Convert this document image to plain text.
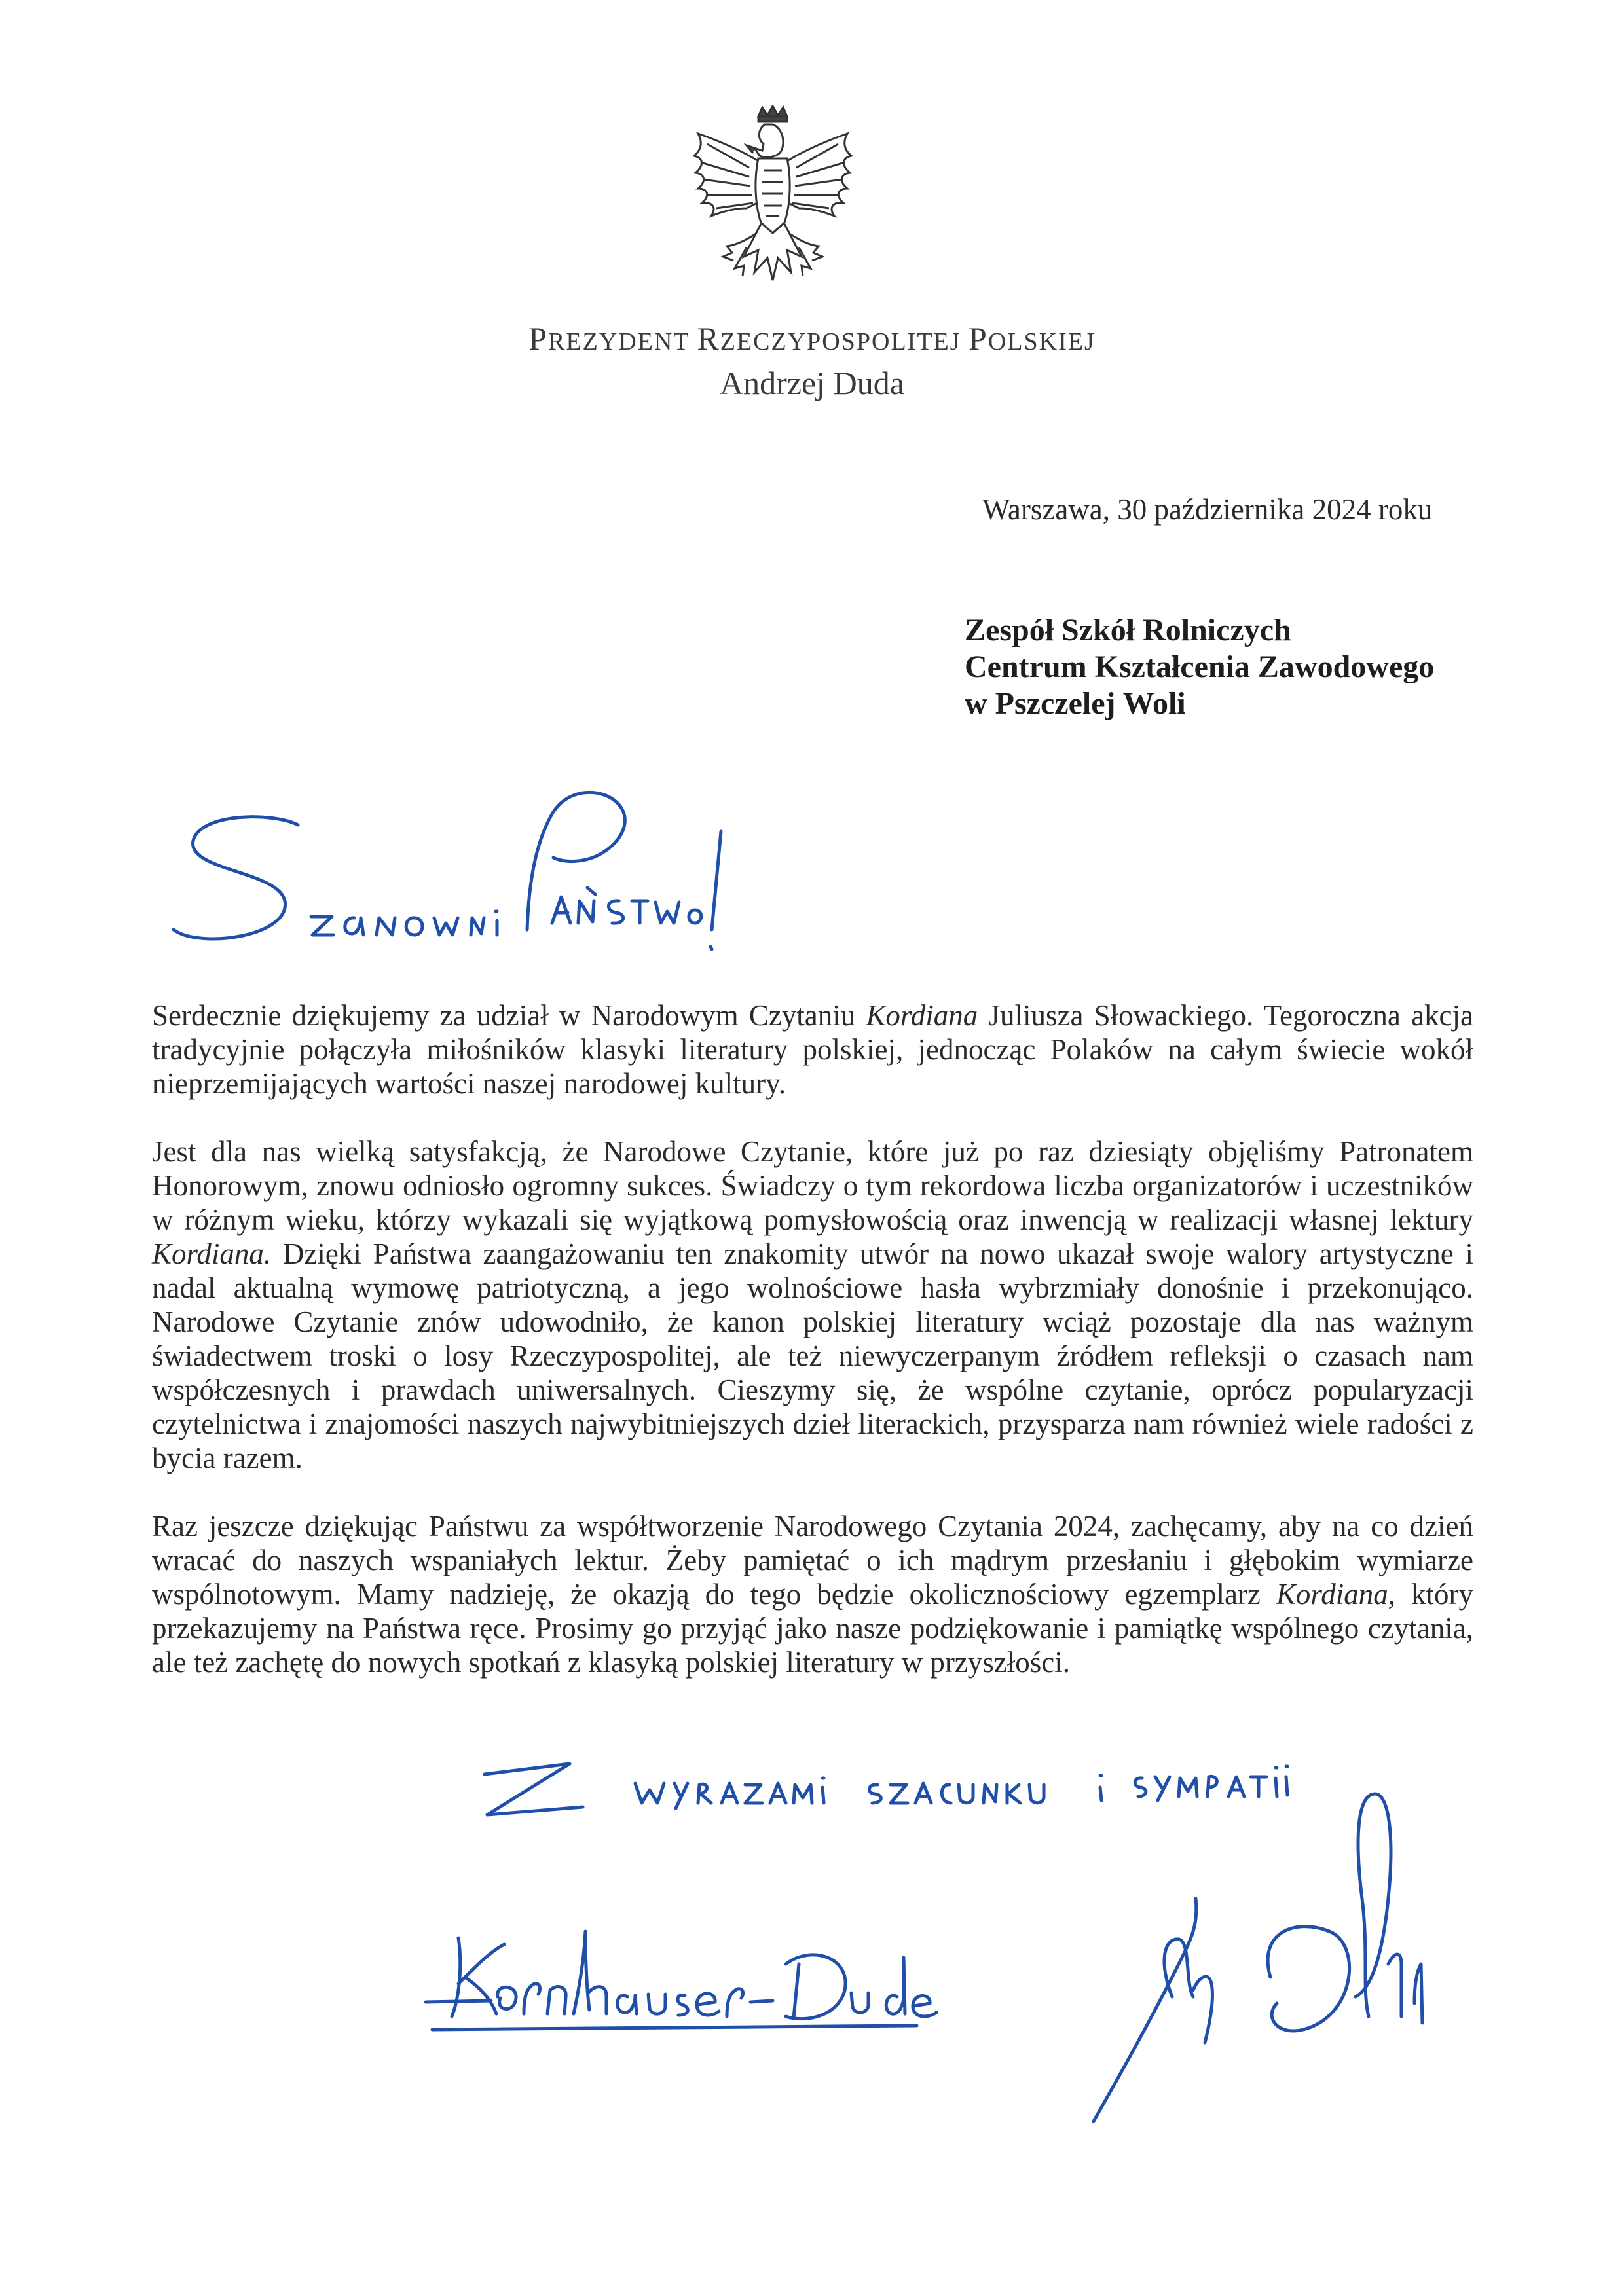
PREZYDENT RZECZYPOSPOLITEJ POLSKIEJ
Andrzej Duda
Warszawa, 30 października 2024 roku
Zespół Szkół Rolniczych
Centrum Kształcenia Zawodowego
w Pszczelej Woli

Serdecznie dziękujemy za udział w Narodowym Czytaniu Kordiana Juliusza Słowackiego. Tegoroczna akcja tradycyjnie połączyła miłośników klasyki literatury polskiej, jednocząc Polaków na całym świecie wokół nieprzemijających wartości naszej narodowej kultury.

Jest dla nas wielką satysfakcją, że Narodowe Czytanie, które już po raz dziesiąty objęliśmy Patronatem Honorowym, znowu odniosło ogromny sukces. Świadczy o tym rekordowa liczba organizatorów i uczestników w różnym wieku, którzy wykazali się wyjątkową pomysłowością oraz inwencją w realizacji własnej lektury Kordiana. Dzięki Państwa zaangażowaniu ten znakomity utwór na nowo ukazał swoje walory artystyczne i nadal aktualną wymowę patriotyczną, a jego wolnościowe hasła wybrzmiały donośnie i przekonująco. Narodowe Czytanie znów udowodniło, że kanon polskiej literatury wciąż pozostaje dla nas ważnym świadectwem troski o losy Rzeczypospolitej, ale też niewyczerpanym źródłem refleksji o czasach nam współczesnych i prawdach uniwersalnych. Cieszymy się, że wspólne czytanie, oprócz popularyzacji czytelnictwa i znajomości naszych najwybitniejszych dzieł literackich, przysparza nam również wiele radości z bycia razem.

Raz jeszcze dziękując Państwu za współtworzenie Narodowego Czytania 2024, zachęcamy, aby na co dzień wracać do naszych wspaniałych lektur. Żeby pamiętać o ich mądrym przesłaniu i głębokim wymiarze wspólnotowym. Mamy nadzieję, że okazją do tego będzie okolicznościowy egzemplarz Kordiana, który przekazujemy na Państwa ręce. Prosimy go przyjąć jako nasze podziękowanie i pamiątkę wspólnego czytania, ale też zachętę do nowych spotkań z klasyką polskiej literatury w przyszłości.
